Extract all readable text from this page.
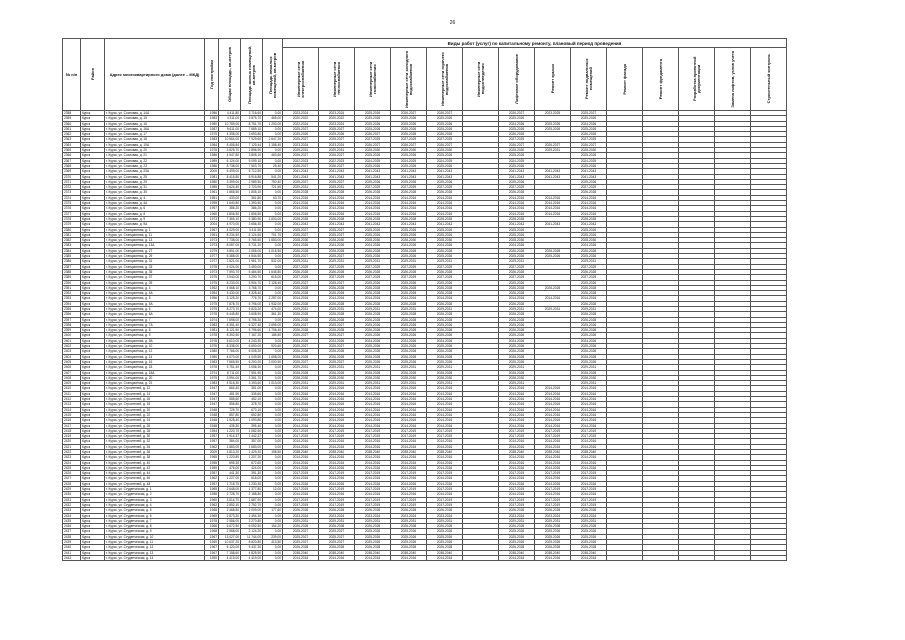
26
№ п/п	Район	Адрес многоквартирного дома (далее – МКД)	Год постройки	Общая площадь, кв.метров	Площадь жилых помещений, кв.метров	Площадь нежилых помещений, кв.метров	Виды работ (услуг) по капитальному ремонту, плановый период проведения													

							Инженерные сети электроснабжения	Инженерные сети теплоснабжения	Инженерные сети газоснабжения	Инженерные сети холодного водоснабжения	Инженерные сети горячего водоснабжения	Инженерные сети водоотведения	Лифтовое оборудование	Ремонт крыши	Ремонт подвальных помещений	Ремонт фасада	Ремонт фундамента	Разработка проектной документации	Замена лифтов, узлов учета	Строительный контроль

2358	Курск	г. Курск, ул. Сосновая, д. 14А	1986	4 411,80	3 716,60	0,00	2023-2024	2023-2024	2025-2026	2026-2027	2026-2027		2026-2027	2023-2025	2025-2027					
2359	Курск	г. Курск, ул. Сосновая, д. 15	1983	4 311,00	3 575,70	465,00	2020-2022	2020-2022	2025-2026	2025-2026	2025-2026		2025-2026		2025-2026					
2360	Курск	г. Курск, ул. Сосновая, д. 16	1980	10 789,00	8 751,70	1 200,00	2022-2024	2023-2024	2025-2026	2025-2026	2025-2026		2024-2026	2025-2026	2024-2026					
2361	Курск	г. Курск, ул. Сосновая, д. 16А	1987	9 611,00	7 689,10	0,00	2025-2027	2025-2027	2025-2026	2025-2026	2025-2026		2025-2026	2025-2026	2025-2026					
2362	Курск	г. Курск, ул. Сосновая, д. 17	1975	4 398,00	3 693,80	0,00	2025-2026	2025-2026	2026-2027	2026-2028	2026-2028		2026-2028		2026-2028					
2363	Курск	г. Курск, ул. Сосновая, д. 18	1983	10 564,00	7 929,60	2 647,20	2025-2027	2025-2027	2027-2029	2027-2029	2027-2029		2027-2029		2027-2029					
2364	Курск	г. Курск, ул. Сосновая, д. 19А	1984	8 455,84	7 129,44	1 156,40	2023-2024	2023-2024	2026-2027	2026-2027	2026-2027		2026-2027	2026-2027	2026-2027					
2365	Курск	г. Курск, ул. Сосновая, д. 20	1976	3 825,70	2 896,90	0,00	2029-2031	2029-2031	2028-2030	2028-2030	2028-2030		2028-2030	2029-2031	2028-2030					
2366	Курск	г. Курск, ул. Сосновая, д. 21	1986	4 547,80	3 808,10	463,60	2026-2027	2026-2027	2025-2026	2025-2026	2025-2026		2025-2026		2025-2026					
2367	Курск	г. Курск, ул. Сосновая, д. 22	1989	6 124,00	5 099,10	0,00	2022-2023	2022-2023	2024-2025	2024-2025	2024-2025		2024-2025		2024-2025					
2368	Курск	г. Курск, ул. Сосновая, д. 23	1986	8 738,00	7 503,70	29,40	2026-2027	2026-2027	2025-2026	2025-2026	2025-2026		2025-2026		2025-2026					
2369	Курск	г. Курск, ул. Сосновая, д. 23А	2000	6 499,00	5 712,50	0,00	2041-2043	2041-2043	2041-2043	2041-2043	2041-2043		2041-2043	2041-2043	2041-2043					
2370	Курск	г. Курск, ул. Сосновая, д. 25	1981	8 415,80	5 916,88	541,20	2041-2043	2041-2043	2041-2043	2041-2043	2041-2043		2041-2043	2041-2043	2041-2043					
2371	Курск	г. Курск, ул. Сосновая, д. 29	1980	3 399,00	2 989,50	750,40	2025-2027	2025-2027	2025-2026	2025-2026	2025-2026		2025-2026		2025-2026					
2372	Курск	г. Курск, ул. Сосновая, д. 31	1985	3 624,40	2 723,90	721,50	2029-2031	2029-2031	2027-2029	2027-2029	2027-2029		2027-2029		2027-2029					
2373	Курск	г. Курск, ул. Сосновая, д. 35	1961	1 865,50	1 805,10	0,00	2026-2028	2026-2028	2026-2028	2026-2028	2026-2028		2026-2028		2026-2028					
2374	Курск	г. Курск, ул. Сосновая, д. 4	1951	433,00	361,80	63,70	2014-2016	2014-2016	2014-2016	2014-2016	2014-2016		2014-2016	2014-2016	2014-2016					
2375	Курск	г. Курск, ул. Сосновая, д. 4А	1959	1 640,80	1 390,50	0,00	2014-2016	2014-2016	2014-2016	2014-2016	2014-2016		2014-2016	2014-2016	2014-2016					
2376	Курск	г. Курск, ул. Сосновая, д. 6	1957	386,20	386,20	0,00	2014-2016	2014-2016	2014-2016	2014-2016	2014-2016		2014-2016	2014-2016	2014-2016					
2377	Курск	г. Курск, ул. Сосновая, д. 8	1960	1 806,50	1 806,50	0,00	2014-2016	2014-2016	2014-2016	2014-2016	2014-2016		2014-2016	2014-2016	2014-2016					
2378	Курск	г. Курск, ул. Сосновая, д. 9	1973	7 365,10	5 380,90	1 600,00	2026-2028	2026-2028	2026-2028	2026-2028	2026-2028		2026-2028		2026-2028					
2379	Курск	г. Курск, ул. Сосновая, д. 9А	2004	4 970,00	3 656,30	0,00	2041-2043	2041-2043	2041-2043	2041-2043	2041-2043		2041-2043	2041-2043	2041-2043					
2380	Курск	г. Курск, ул. Станционная, д. 1	1967	4 029,00	3 411,50	0,00	2025-2027	2025-2027	2025-2026	2025-2026	2025-2026		2025-2026		2025-2026					
2381	Курск	г. Курск, ул. Станционная, д. 11	1951	8 234,50	5 124,50	701,70	2025-2027	2025-2027	2025-2026	2025-2026	2025-2026		2025-2026		2025-2026					
2382	Курск	г. Курск, ул. Станционная, д. 13	1973	7 738,00	5 765,50	1 653,00	2028-2030	2028-2030	2028-2030	2028-2030	2028-2030		2028-2030		2028-2030					
2383	Курск	г. Курск, ул. Станционная, д. 13А	1973	8 087,00	5 731,20	0,00	2024-2026	2024-2026	2024-2026	2024-2026	2024-2026		2024-2026		2024-2026					
2384	Курск	г. Курск, ул. Станционная, д. 27	1979	3 851,00	2 055,00	1 015,50	2026-2028	2026-2028	2026-2028	2026-2028	2026-2028		2026-2028	2026-2028	2026-2028					
2385	Курск	г. Курск, ул. Станционная, д. 29	1977	5 388,00	4 544,50	0,00	2025-2027	2025-2027	2025-2026	2025-2026	2025-2026		2025-2026	2025-2026	2025-2026					
2386	Курск	г. Курск, ул. Станционная, д. 31	1977	2 521,00	1 961,70	532,00	2029-2031	2029-2031	2029-2031	2029-2031	2029-2031		2029-2031		2029-2031					
2387	Курск	г. Курск, ул. Станционная, д. 33	1978	4 024,00	3 490,00	0,00	2027-2029	2027-2029	2027-2029	2027-2029	2027-2029		2027-2029		2027-2029					
2388	Курск	г. Курск, ул. Станционная, д. 35	1973	7 593,70	5 484,50	1 645,80	2026-2028	2026-2028	2026-2028	2026-2028	2026-2028		2026-2028		2026-2028					
2389	Курск	г. Курск, ул. Станционная, д. 37	1975	3 940,00	3 290,70	615,00	2027-2029	2027-2029	2027-2029	2027-2029	2027-2029		2027-2029		2027-2029					
2390	Курск	г. Курск, ул. Станционная, д. 39	1975	8 233,00	5 904,70	2 128,40	2025-2027	2025-2027	2025-2026	2025-2026	2025-2026		2025-2026		2025-2026					
2391	Курск	г. Курск, ул. Станционная, д. 4	1952	4 568,10	3 765,70	0,00	2026-2028	2026-2028	2026-2028	2026-2028	2026-2028		2026-2028	2026-2028	2026-2028					
2392	Курск	г. Курск, ул. Станционная, д. 4А	1954	5 430,00	4 328,40	0,00	2026-2028	2026-2028	2026-2028	2026-2028	2026-2028		2026-2028		2026-2028					
2393	Курск	г. Курск, ул. Станционная, д. 5	1956	3 125,20	776,70	2 257,00	2014-2016	2014-2016	2014-2016	2014-2016	2014-2016		2014-2016	2014-2016	2014-2016					
2394	Курск	г. Курск, ул. Станционная, д. 5А	1975	7 878,70	5 796,00	1 932,00	2026-2028	2026-2028	2026-2028	2026-2028	2026-2028		2026-2028		2026-2028					
2395	Курск	г. Курск, ул. Станционная, д. 6	1975	8 273,70	5 823,20	474,00	2029-2031	2029-2031	2029-2031	2029-2031	2029-2031		2029-2031	2029-2031	2029-2031					
2396	Курск	г. Курск, ул. Станционная, д. 6А	1978	6 445,80	3 608,90	361,30	2026-2028	2026-2028	2026-2028	2026-2028	2026-2028		2026-2028		2026-2028					
2397	Курск	г. Курск, ул. Станционная, д. 7	1974	7 698,00	5 798,30	0,00	2026-2028	2026-2028	2026-2028	2026-2028	2026-2028		2026-2028		2026-2028					
2398	Курск	г. Курск, ул. Станционная, д. 7А	1983	8 391,40	6 327,40	2 695,00	2025-2027	2025-2027	2025-2026	2025-2026	2025-2026		2025-2026		2025-2026					
2399	Курск	г. Курск, ул. Станционная, д. 8	1981	8 121,50	5 796,60	1 706,40	2026-2028	2026-2028	2026-2028	2026-2028	2026-2028		2026-2028		2026-2028					
2400	Курск	г. Курск, ул. Станционная, д. 9	1978	8 392,50	7 167,20	185,50	2025-2027	2025-2027	2025-2026	2025-2026	2025-2026		2025-2026		2025-2026					
2401	Курск	г. Курск, ул. Станционная, д. 9А	1978	5 610,00	4 243,30	0,00	2024-2026	2024-2026	2024-2026	2024-2026	2024-2026		2024-2026		2024-2026					
2402	Курск	г. Курск, ул. Станционная, д. 10	1976	8 338,00	6 690,00	920,60	2025-2027	2025-2027	2025-2026	2025-2026	2025-2026		2025-2026		2025-2026					
2403	Курск	г. Курск, ул. Станционная, д. 12	1980	7 766,00	6 005,20	0,00	2026-2028	2026-2028	2026-2028	2026-2028	2026-2028		2026-2028		2026-2028					
2404	Курск	г. Курск, ул. Станционная, д. 14	1980	4 070,00	4 049,50	1 698,00	2026-2028	2026-2028	2026-2028	2026-2028	2026-2028		2026-2028		2026-2028					
2405	Курск	г. Курск, ул. Станционная, д. 16	1983	7 665,50	6 200,20	2 000,50	2025-2027	2025-2027	2025-2026	2025-2026	2025-2026		2025-2026		2025-2026					
2406	Курск	г. Курск, ул. Станционная, д. 18	1976	3 751,40	3 056,30	0,00	2029-2031	2029-2031	2029-2031	2029-2031	2029-2031		2029-2031		2029-2031					
2407	Курск	г. Курск, ул. Станционная, д. 18А	1974	8 711,00	7 551,90	0,00	2026-2028	2026-2028	2026-2028	2026-2028	2026-2028		2026-2028		2026-2028					
2408	Курск	г. Курск, ул. Станционная, д. 20	1979	3 994,00	3 361,70	0,00	2028-2030	2028-2030	2028-2030	2028-2030	2028-2030		2028-2030		2028-2030					
2409	Курск	г. Курск, ул. Станционная, д. 22	1983	4 515,30	3 193,60	1 013,00	2029-2031	2029-2031	2029-2031	2029-2031	2029-2031		2029-2031		2029-2031					
2410	Курск	г. Курск, ул. Строителей, д. 12	1947	664,40	351,00	0,00	2014-2016	2014-2016	2014-2016	2014-2016	2014-2016		2014-2016	2014-2016	2014-2016					
2411	Курск	г. Курск, ул. Строителей, д. 14	1947	481,90	335,60	0,00	2014-2016	2014-2016	2014-2016	2014-2016	2014-2016		2014-2016	2014-2016	2014-2016					
2412	Курск	г. Курск, ул. Строителей, д. 16	1947	585,60	452,10	0,00	2014-2016	2014-2016	2014-2016	2014-2016	2014-2016		2014-2016	2014-2016	2014-2016					
2413	Курск	г. Курск, ул. Строителей, д. 18	1947	556,80	378,70	0,00	2014-2016	2014-2016	2014-2016	2014-2016	2014-2016		2014-2016	2014-2016	2014-2016					
2414	Курск	г. Курск, ул. Строителей, д. 20	1948	725,70	670,10	0,00	2014-2016	2014-2016	2014-2016	2014-2016	2014-2016		2014-2016	2014-2016	2014-2016					
2415	Курск	г. Курск, ул. Строителей, д. 22	1948	857,80	652,80	0,00	2014-2016	2014-2016	2014-2016	2014-2016	2014-2016		2014-2016	2014-2016	2014-2016					
2416	Курск	г. Курск, ул. Строителей, д. 24	1948	1 525,40	1 093,80	0,00	2014-2016	2014-2016	2014-2016	2014-2016	2014-2016		2014-2016	2014-2016	2014-2016					
2417	Курск	г. Курск, ул. Строителей, д. 26	1948	435,30	395,40	0,00	2014-2016	2014-2016	2014-2016	2014-2016	2014-2016		2014-2016	2014-2016	2014-2016					
2418	Курск	г. Курск, ул. Строителей, д. 28	1954	1 220,70	1 082,50	0,00	2017-2019	2017-2019	2017-2019	2017-2019	2017-2019		2017-2019	2017-2019	2017-2019					
2419	Курск	г. Курск, ул. Строителей, д. 30	1957	1 914,37	1 442,37	0,00	2017-2019	2017-2019	2017-2019	2017-2019	2017-2019		2017-2019	2017-2019	2017-2019					
2420	Курск	г. Курск, ул. Строителей, д. 32	1957	384,00	357,00	0,00	2014-2016	2014-2016	2014-2016	2014-2016	2014-2016		2014-2016	2014-2016	2014-2016					
2421	Курск	г. Курск, ул. Строителей, д. 34	1962	1 683,00	1 683,00	0,00	2014-2016	2014-2016	2014-2016	2014-2016	2014-2016		2014-2016	2014-2016	2014-2016					
2422	Курск	г. Курск, ул. Строителей, д. 36	2009	1 813,20	1 429,20	198,50	2038-2040	2038-2040	2038-2040	2038-2040	2038-2040		2038-2040	2038-2040	2038-2040					
2423	Курск	г. Курск, ул. Строителей, д. 38	1965	1 220,80	1 207,20	0,00	2014-2016	2014-2016	2014-2016	2014-2016	2014-2016		2014-2016	2014-2016	2014-2016					
2424	Курск	г. Курск, ул. Строителей, д. 40	1955	695,30	672,60	0,00	2014-2016	2014-2016	2014-2016	2014-2016	2014-2016		2014-2016	2014-2016	2014-2016					
2425	Курск	г. Курск, ул. Строителей, д. 42	1959	476,00	424,00	0,00	2014-2016	2014-2016	2014-2016	2014-2016	2014-2016		2014-2016	2014-2016	2014-2016					
2426	Курск	г. Курск, ул. Строителей, д. 44	1957	441,30	391,30	0,00	2017-2019	2017-2019	2017-2019	2017-2019	2017-2019		2017-2019	2017-2019	2017-2019					
2427	Курск	г. Курск, ул. Строителей, д. 46	1962	1 227,00	618,00	0,00	2014-2016	2014-2016	2014-2016	2014-2016	2014-2016		2014-2016	2014-2016	2014-2016					
2428	Курск	г. Курск, ул. Строителей, д. 48	1957	1 718,70	1 230,30	0,00	2014-2016	2014-2016	2014-2016	2014-2016	2014-2016		2014-2016	2014-2016	2014-2016					
2429	Курск	г. Курск, ул. Студенческая, д. 1	1965	2 648,00	1 377,80	12,00	2017-2019	2017-2019	2017-2019	2017-2019	2017-2019		2017-2019	2017-2019	2017-2019					
2430	Курск	г. Курск, ул. Студенческая, д. 2	1958	2 728,70	2 188,80	0,00	2014-2016	2014-2016	2014-2016	2014-2016	2014-2016		2014-2016	2014-2016	2014-2016					
2431	Курск	г. Курск, ул. Студенческая, д. 3	1960	3 514,70	2 687,90	0,00	2017-2019	2017-2019	2017-2019	2017-2019	2017-2019		2017-2019	2017-2019	2017-2019					
2432	Курск	г. Курск, ул. Студенческая, д. 4	1962	2 852,10	2 752,70	0,00	2017-2019	2017-2019	2017-2019	2017-2019	2017-2019		2017-2019	2017-2019	2017-2019					
2433	Курск	г. Курск, ул. Студенческая, д. 5	1968	2 468,50	2 009,00	177,60	2026-2028	2026-2028	2026-2028	2026-2028	2026-2028		2026-2028	2026-2028	2026-2028					
2434	Курск	г. Курск, ул. Студенческая, д. 6	1969	2 873,20	2 494,30	0,00	2023-2024	2023-2024	2023-2024	2023-2024	2023-2024		2023-2024	2023-2024	2023-2024					
2435	Курск	г. Курск, ул. Студенческая, д. 7	1978	2 556,00	2 270,80	0,00	2029-2031	2029-2031	2029-2031	2029-2031	2029-2031		2029-2031	2029-2031	2029-2031					
2436	Курск	г. Курск, ул. Студенческая, д. 8	1966	6 672,50	6 092,50	154,20	2026-2028	2026-2028	2026-2028	2026-2028	2026-2028		2026-2028	2026-2028	2026-2028					
2437	Курск	г. Курск, ул. Студенческая, д. 9	1968	2 568,00	2 124,20	0,00	2025-2027	2025-2027	2025-2026	2025-2026	2025-2026		2025-2026	2025-2026	2025-2026					
2438	Курск	г. Курск, ул. Студенческая, д. 10	1967	13 027,00	11 744,00	239,00	2025-2027	2025-2027	2025-2026	2025-2026	2025-2026		2025-2026	2025-2026	2025-2026					
2439	Курск	г. Курск, ул. Студенческая, д. 11	1969	10 637,20	8 820,80	413,50	2025-2027	2025-2027	2025-2026	2025-2026	2025-2026		2025-2026	2025-2026	2025-2026					
2440	Курск	г. Курск, ул. Студенческая, д. 12	1967	6 120,00	5 437,30	0,00	2026-2028	2026-2028	2026-2028	2026-2028	2026-2028		2026-2028	2026-2028	2026-2028					
2441	Курск	г. Курск, ул. Студенческая, д. 13	1967	7 158,60	4 825,90	0,00	2038-2040	2038-2040	2038-2040	2038-2040	2038-2040		2038-2040	2038-2040	2038-2040					
2442	Курск	г. Курск, ул. Студенческая, д. 14	1959	4 419,00	4 419,00	0,00	2014-2016	2014-2016	2014-2016	2014-2016	2014-2016		2014-2016	2014-2016	2014-2016					
